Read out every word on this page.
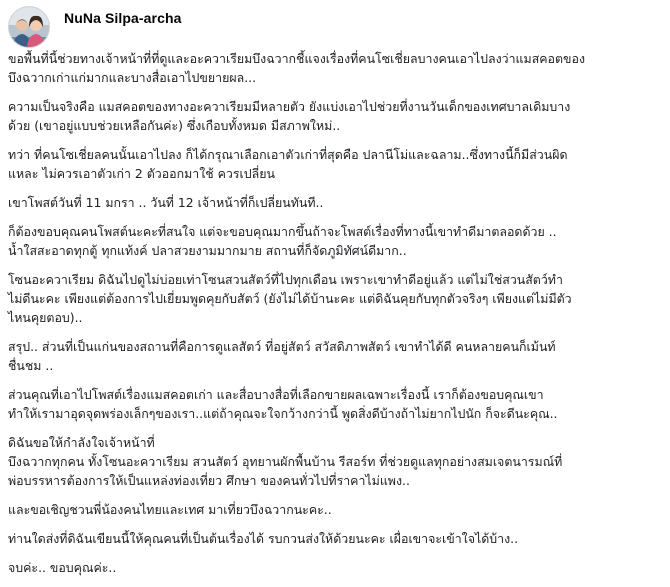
NuNa Silpa-archa

ขอพื้นที่นี้ช่วยทางเจ้าหน้าที่ที่ดูและอะควาเรียมบึงฉวากชี้แจงเรื่องที่คนโซเชี่ยลบางคนเอาไปลงว่าแมสคอตของ
บึงฉวากเก่าแก่มากและบางสื่อเอาไปขยายผล...

ความเป็นจริงคือ แมสคอตของทางอะควาเรียมมีหลายตัว ยังแบ่งเอาไปช่วยที่งานวันเด็กของเทศบาลเดิมบาง
ด้วย (เขาอยู่แบบช่วยเหลือกันค่ะ) ซึ่งเกือบทั้งหมด มีสภาพใหม่..

ทว่า ที่คนโซเชี่ยลคนนั้นเอาไปลง ก็ได้กรุณาเลือกเอาตัวเก่าที่สุดคือ ปลานีโม่และฉลาม..ซึ่งทางนี้ก็มีส่วนผิด
แหละ ไม่ควรเอาตัวเก่า 2 ตัวออกมาใช้ ควรเปลี่ยน

เขาโพสต์วันที่ 11 มกรา .. วันที่ 12 เจ้าหน้าที่ก็เปลี่ยนทันที..

ก็ต้องขอบคุณคนโพสต์นะคะที่สนใจ แต่จะขอบคุณมากขึ้นถ้าจะโพสต์เรื่องที่ทางนี้เขาทำดีมาตลอดด้วย ..
น้ำใสสะอาดทุกตู้ ทุกแท้งค์ ปลาสวยงามมากมาย สถานที่ก็จัดภูมิทัศน์ดีมาก..

โซนอะควาเรียม ดิฉันไปดูไม่บ่อยเท่าโซนสวนสัตว์ที่ไปทุกเดือน เพราะเขาทำดีอยู่แล้ว แต่ไม่ใช่สวนสัตว์ทำ
ไม่ดีนะคะ เพียงแต่ต้องการไปเยี่ยมพูดคุยกับสัตว์ (ยังไม่ได้บ้านะคะ แต่ดิฉันคุยกับทุกตัวจริงๆ เพียงแต่ไม่มีตัว
ไหนคุยตอบ)..

สรุป.. ส่วนที่เป็นแก่นของสถานที่คือการดูแลสัตว์ ที่อยู่สัตว์ สวัสดิภาพสัตว์ เขาทำได้ดี คนหลายคนก็เม้นท์
ชื่นชม ..

ส่วนคุณที่เอาไปโพสต์เรื่องแมสคอตเก่า และสื่อบางสื่อที่เลือกขายผลเฉพาะเรื่องนี้ เราก็ต้องขอบคุณเขา
ทำให้เรามาอุดจุดพร่องเล็กๆของเรา..แต่ถ้าคุณจะใจกว้างกว่านี้ พูดสิ่งดีบ้างถ้าไม่ยากไปนัก ก็จะดีนะคุณ..

ดิฉันขอให้กำลังใจเจ้าหน้าที่
บึงฉวากทุกคน ทั้งโซนอะควาเรียม สวนสัตว์ อุทยานผักพื้นบ้าน รีสอร์ท ที่ช่วยดูแลทุกอย่างสมเจตนารมณ์ที่
พ่อบรรหารต้องการให้เป็นแหล่งท่องเที่ยว ศึกษา ของคนทั่วไปที่ราคาไม่แพง..

และขอเชิญชวนพี่น้องคนไทยและเทศ มาเที่ยวบึงฉวากนะคะ..

ท่านใดส่งที่ดิฉันเขียนนี้ให้คุณคนที่เป็นต้นเรื่องได้ รบกวนส่งให้ด้วยนะคะ เผื่อเขาจะเข้าใจได้บ้าง..

จบค่ะ.. ขอบคุณค่ะ..
